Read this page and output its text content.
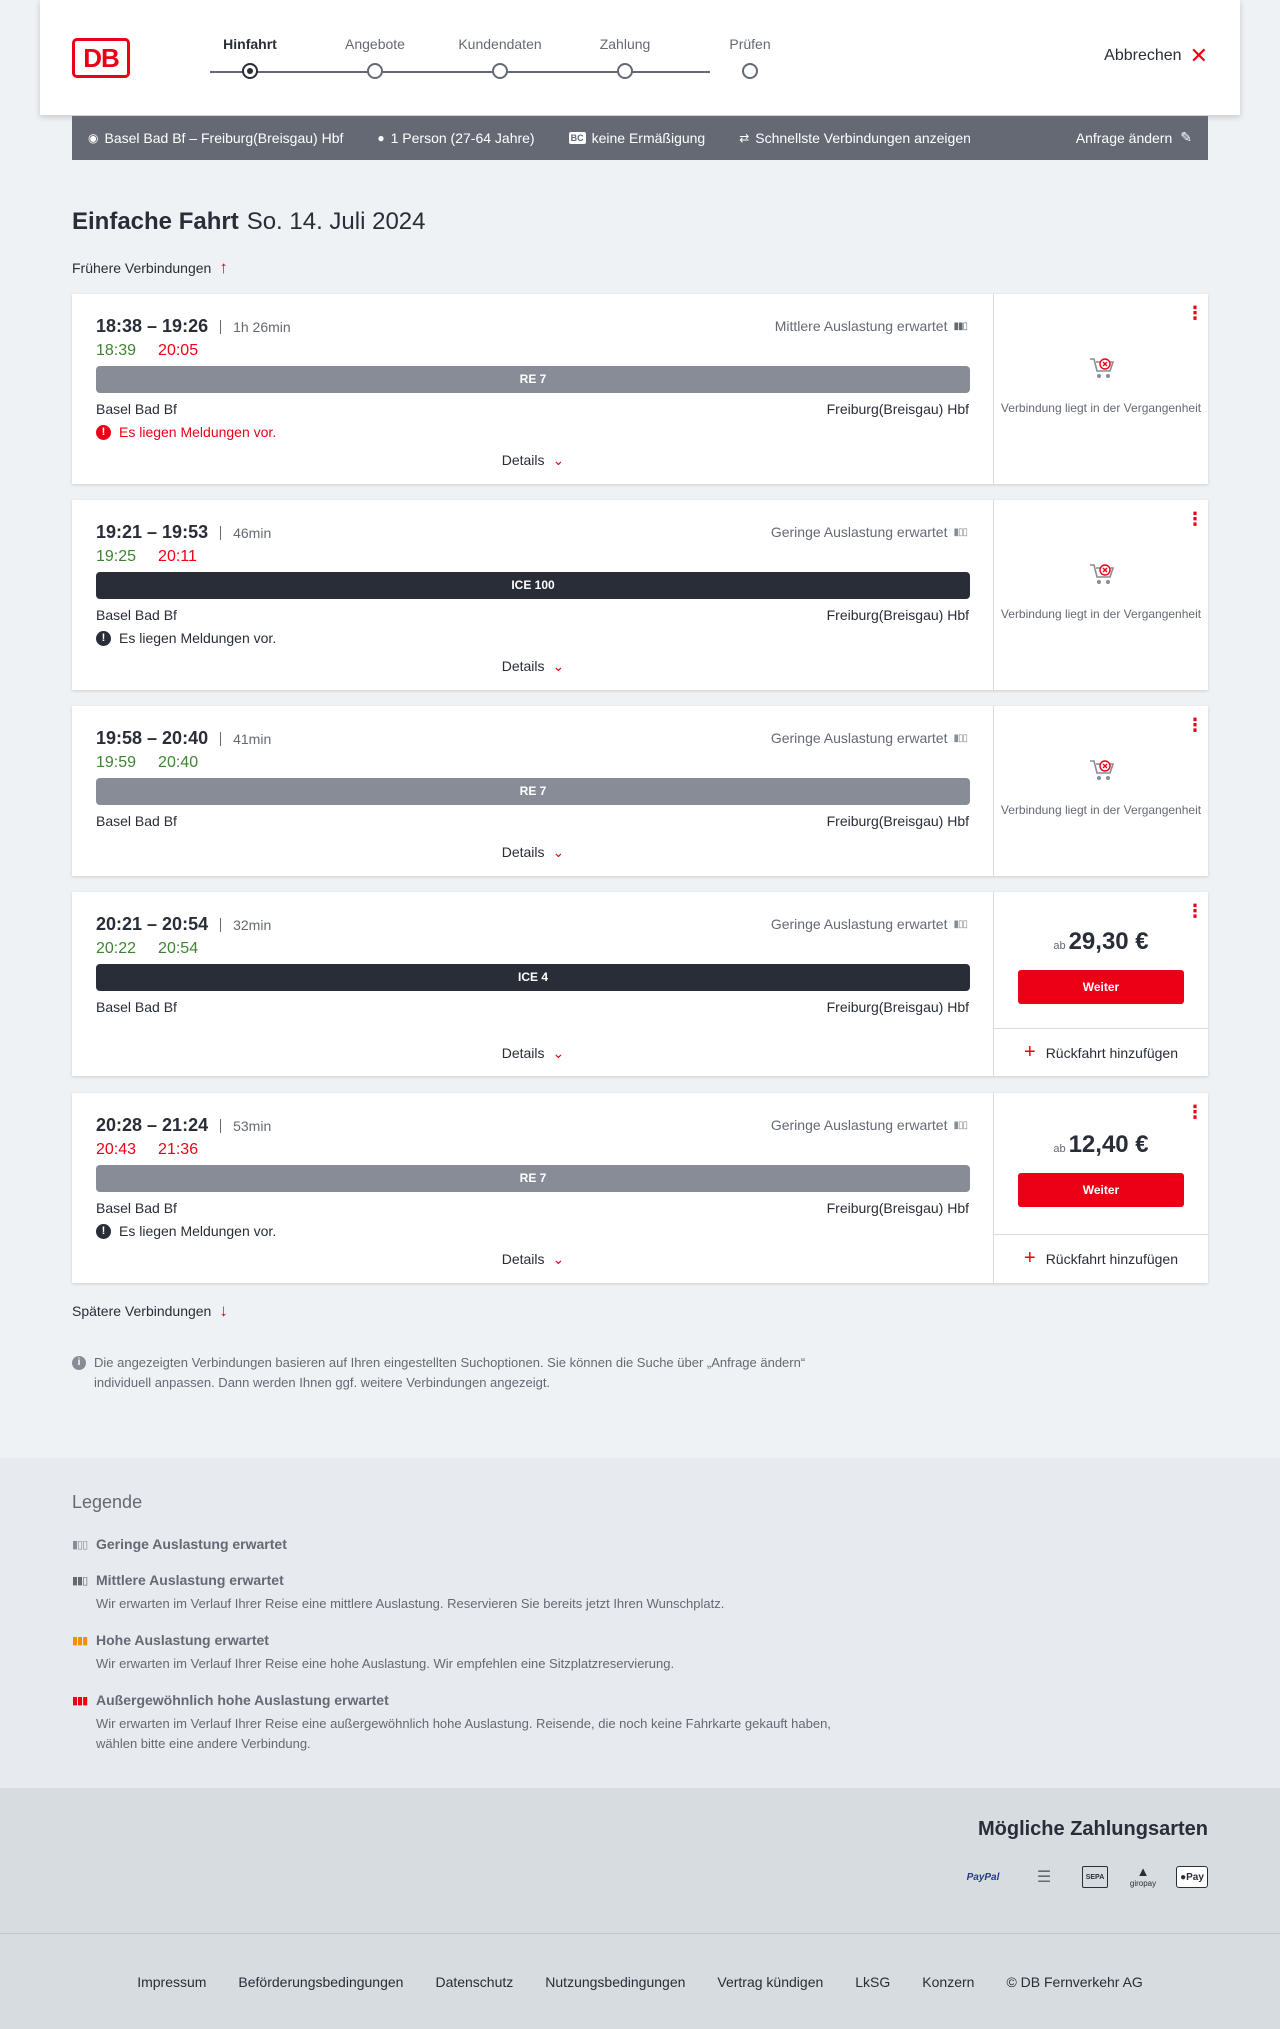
DB	Hinfahrt	Angebote	Kundendaten	Zahlung	Prüfen
Abbrechen ✕
◉ Basel Bad Bf – Freiburg(Breisgau) Hbf	● 1 Person (27-64 Jahre)	BC keine Ermäßigung	⇄ Schnellste Verbindungen anzeigen	Anfrage ändern ✎
Einfache Fahrt So. 14. Juli 2024
Frühere Verbindungen ↑
18:38 – 19:26	1h 26min
18:39 20:05
Mittlere Auslastung erwartet ▮▮▯
RE 7
Basel Bad Bf	Freiburg(Breisgau) Hbf
! Es liegen Meldungen vor.
Details ⌄
⋮
Verbindung liegt in der Vergangenheit
19:21 – 19:53	46min
19:25 20:11
Geringe Auslastung erwartet ▮▯▯
ICE 100
Basel Bad Bf	Freiburg(Breisgau) Hbf
! Es liegen Meldungen vor.
Details ⌄
⋮
Verbindung liegt in der Vergangenheit
19:58 – 20:40	41min
19:59 20:40
Geringe Auslastung erwartet ▮▯▯
RE 7
Basel Bad Bf	Freiburg(Breisgau) Hbf
Details ⌄
⋮
Verbindung liegt in der Vergangenheit
20:21 – 20:54	32min
20:22 20:54
Geringe Auslastung erwartet ▮▯▯
ICE 4
Basel Bad Bf	Freiburg(Breisgau) Hbf
Details ⌄
⋮
ab 29,30 €
Weiter
+ Rückfahrt hinzufügen
20:28 – 21:24	53min
20:43 21:36
Geringe Auslastung erwartet ▮▯▯
RE 7
Basel Bad Bf	Freiburg(Breisgau) Hbf
! Es liegen Meldungen vor.
Details ⌄
⋮
ab 12,40 €
Weiter
+ Rückfahrt hinzufügen
Spätere Verbindungen ↓
i	Die angezeigten Verbindungen basieren auf Ihren eingestellten Suchoptionen. Sie können die Suche über „Anfrage ändern“ individuell anpassen. Dann werden Ihnen ggf. weitere Verbindungen angezeigt.
Legende
▮▯▯ Geringe Auslastung erwartet
▮▮▯ Mittlere Auslastung erwartet

Wir erwarten im Verlauf Ihrer Reise eine mittlere Auslastung. Reservieren Sie bereits jetzt Ihren Wunschplatz.

▮▮▮ Hohe Auslastung erwartet

Wir erwarten im Verlauf Ihrer Reise eine hohe Auslastung. Wir empfehlen eine Sitzplatzreservierung.

▮▮▮ Außergewöhnlich hohe Auslastung erwartet

Wir erwarten im Verlauf Ihrer Reise eine außergewöhnlich hohe Auslastung. Reisende, die noch keine Fahrkarte gekauft haben, wählen bitte eine andere Verbindung.

Mögliche Zahlungsarten
PayPal	☰	SEPA ▲
giropay
● Pay
Impressum Beförderungsbedingungen Datenschutz Nutzungsbedingungen Vertrag kündigen LkSG Konzern © DB Fernverkehr AG
